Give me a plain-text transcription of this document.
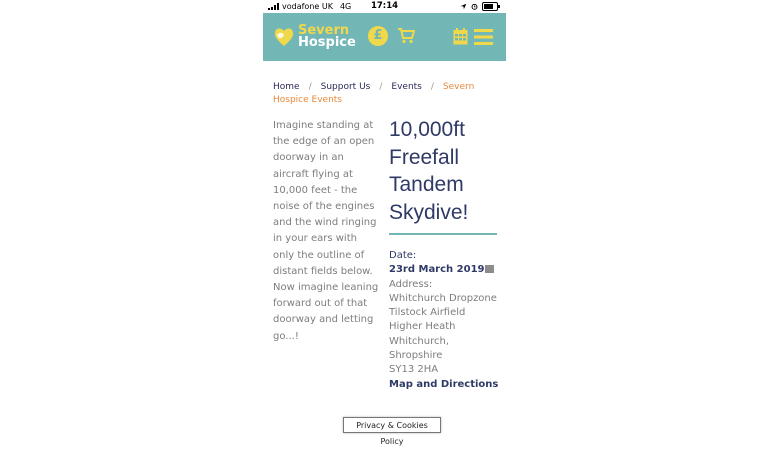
vodafone UK 4G	17:14
Severn
Hospice	£
Home / Support Us / Events / Severn Hospice Events
Imagine standing at the edge of an open doorway in an aircraft flying at 10,000 feet - the noise of the engines and the wind ringing in your ears with only the outline of distant fields below. Now imagine leaning forward out of that doorway and letting go...!
10,000ft Freefall Tandem Skydive!
Date:
23rd March 2019
Address:
Whitchurch Dropzone
Tilstock Airfield
Higher Heath
Whitchurch, Shropshire
SY13 2HA
Map and Directions
Privacy & Cookies Policy
